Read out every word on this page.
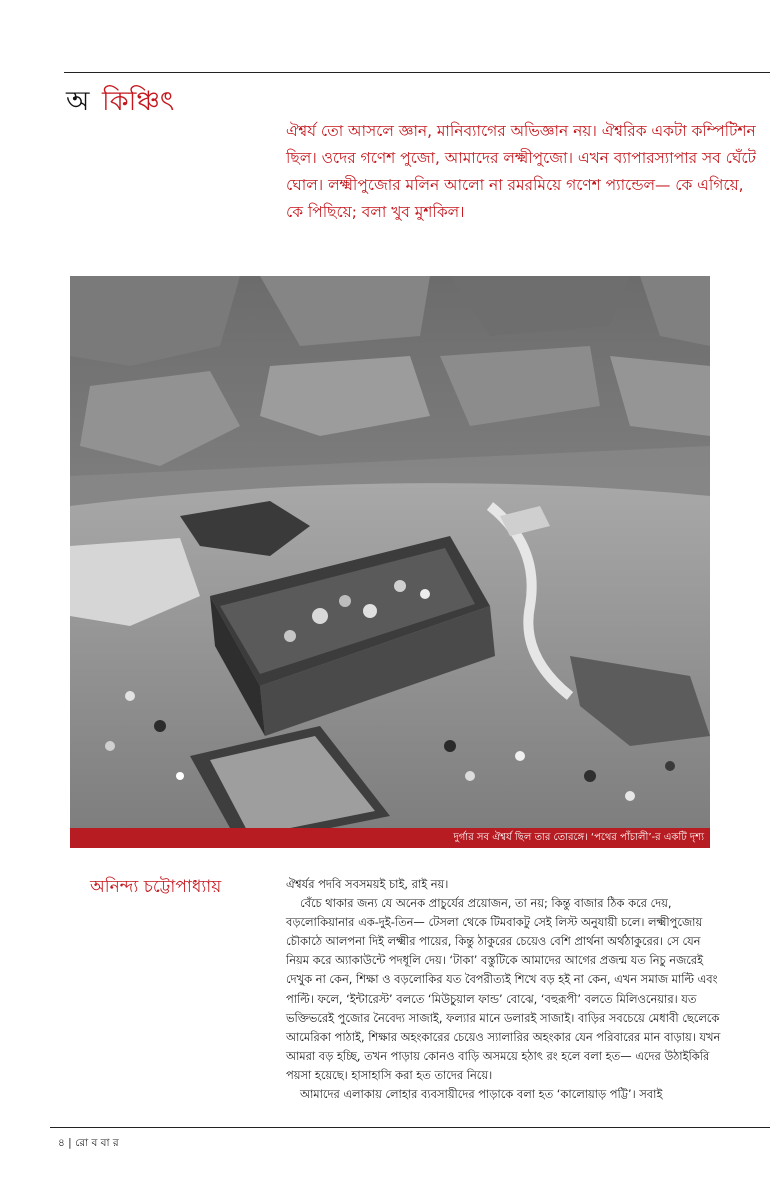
অ কিঞ্চিৎ
ঐশ্বর্য তো আসলে জ্ঞান, মানিব্যাগের অভিজ্ঞান নয়। ঐশ্বরিক একটা কম্পিটিশন ছিল। ওদের গণেশ পুজো, আমাদের লক্ষ্মীপুজো। এখন ব্যাপারস্যাপার সব ঘেঁটে ঘোল। লক্ষ্মীপুজোর মলিন আলো না রমরমিয়ে গণেশ প্যান্ডেল— কে এগিয়ে, কে পিছিয়ে; বলা খুব মুশকিল।
দুর্গার সব ঐশ্বর্য ছিল তার তোরঙ্গে। ‘পথের পাঁচালী’-র একটি দৃশ্য
অনিন্দ্য চট্টোপাধ্যায়	ঐশ্বর্যর পদবি সবসময়ই চাই, রাই নয়।

বেঁচে থাকার জন্য যে অনেক প্রাচুর্যের প্রয়োজন, তা নয়; কিন্তু বাজার ঠিক করে দেয়, বড়লোকিয়ানার এক-দুই-তিন— টেসলা থেকে টিমবাকটু সেই লিস্ট অনুযায়ী চলে। লক্ষ্মীপুজোয় চৌকাঠে আলপনা দিই লক্ষ্মীর পায়ের, কিন্তু ঠাকুরের চেয়েও বেশি প্রার্থনা অর্থঠাকুরের। সে যেন নিয়ম করে অ্যাকাউন্টে পদধূলি দেয়। ‘টাকা’ বস্তুটিকে আমাদের আগের প্রজন্ম যত নিচু নজরেই দেখুক না কেন, শিক্ষা ও বড়লোকির যত বৈপরীত্যই শিখে বড় হই না কেন, এখন সমাজ মাল্টি এবং পাল্টি। ফলে, ‘ইন্টারেস্ট’ বলতে ‘মিউচুয়াল ফান্ড’ বোঝে, ‘বহুরূপী’ বলতে মিলিওনেয়ার। যত ভক্তিভরেই পুজোর নৈবেদ্য সাজাই, ফল্যার মানে ডলারই সাজাই। বাড়ির সবচেয়ে মেধাবী ছেলেকে আমেরিকা পাঠাই, শিক্ষার অহংকারের চেয়েও স্যালারির অহংকার যেন পরিবারের মান বাড়ায়। যখন আমরা বড় হচ্ছি, তখন পাড়ায় কোনও বাড়ি অসময়ে হঠাৎ রং হলে বলা হত— এদের উঠাইকিরি পয়সা হয়েছে। হাসাহাসি করা হত তাদের নিয়ে।

আমাদের এলাকায় লোহার ব্যবসায়ীদের পাড়াকে বলা হত ‘কালোয়াড় পট্টি’। সবাই

৪ | রো ব বা র
